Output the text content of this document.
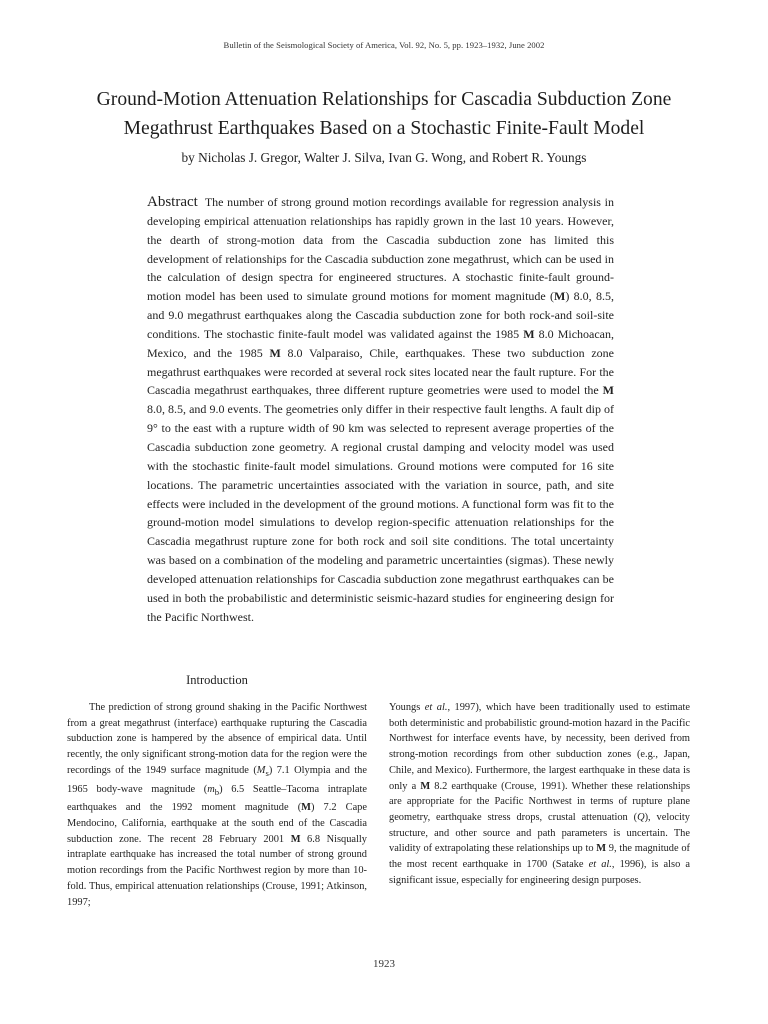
Bulletin of the Seismological Society of America, Vol. 92, No. 5, pp. 1923–1932, June 2002
Ground-Motion Attenuation Relationships for Cascadia Subduction Zone
Megathrust Earthquakes Based on a Stochastic Finite-Fault Model
by Nicholas J. Gregor, Walter J. Silva, Ivan G. Wong, and Robert R. Youngs

Abstract The number of strong ground motion recordings available for regression analysis in developing empirical attenuation relationships has rapidly grown in the last 10 years. However, the dearth of strong-motion data from the Cascadia subduction zone has limited this development of relationships for the Cascadia subduction zone megathrust, which can be used in the calculation of design spectra for engineered structures. A stochastic finite-fault ground-motion model has been used to simulate ground motions for moment magnitude (M) 8.0, 8.5, and 9.0 megathrust earthquakes along the Cascadia subduction zone for both rock-and soil-site conditions. The stochastic finite-fault model was validated against the 1985 M 8.0 Michoacan, Mexico, and the 1985 M 8.0 Valparaiso, Chile, earthquakes. These two subduction zone megathrust earthquakes were recorded at several rock sites located near the fault rupture. For the Cascadia megathrust earthquakes, three different rupture geometries were used to model the M 8.0, 8.5, and 9.0 events. The geometries only differ in their respective fault lengths. A fault dip of 9° to the east with a rupture width of 90 km was selected to represent average properties of the Cascadia subduction zone geometry. A regional crustal damping and velocity model was used with the stochastic finite-fault model simulations. Ground motions were computed for 16 site locations. The parametric uncertainties associated with the variation in source, path, and site effects were included in the development of the ground motions. A functional form was fit to the ground-motion model simulations to develop region-specific attenuation relationships for the Cascadia megathrust rupture zone for both rock and soil site conditions. The total uncertainty was based on a combination of the modeling and parametric uncertainties (sigmas). These newly developed attenuation relationships for Cascadia subduction zone megathrust earthquakes can be used in both the probabilistic and deterministic seismic-hazard studies for engineering design for the Pacific Northwest.

Introduction

The prediction of strong ground shaking in the Pacific Northwest from a great megathrust (interface) earthquake rupturing the Cascadia subduction zone is hampered by the absence of empirical data. Until recently, the only significant strong-motion data for the region were the recordings of the 1949 surface magnitude $(M_s)$ 7.1 Olympia and the 1965 body-wave magnitude $(m_b)$ 6.5 Seattle–Tacoma intraplate earthquakes and the 1992 moment magnitude (M) 7.2 Cape Mendocino, California, earthquake at the south end of the Cascadia subduction zone. The recent 28 February 2001 M 6.8 Nisqually intraplate earthquake has increased the total number of strong ground motion recordings from the Pacific Northwest region by more than 10-fold. Thus, empirical attenuation relationships (Crouse, 1991; Atkinson, 1997;

Youngs et al., 1997), which have been traditionally used to estimate both deterministic and probabilistic ground-motion hazard in the Pacific Northwest for interface events have, by necessity, been derived from strong-motion recordings from other subduction zones (e.g., Japan, Chile, and Mexico). Furthermore, the largest earthquake in these data is only a M 8.2 earthquake (Crouse, 1991). Whether these relationships are appropriate for the Pacific Northwest in terms of rupture plane geometry, earthquake stress drops, crustal attenuation (Q), velocity structure, and other source and path parameters is uncertain. The validity of extrapolating these relationships up to M 9, the magnitude of the most recent earthquake in 1700 (Satake et al., 1996), is also a significant issue, especially for engineering design purposes.

1923
